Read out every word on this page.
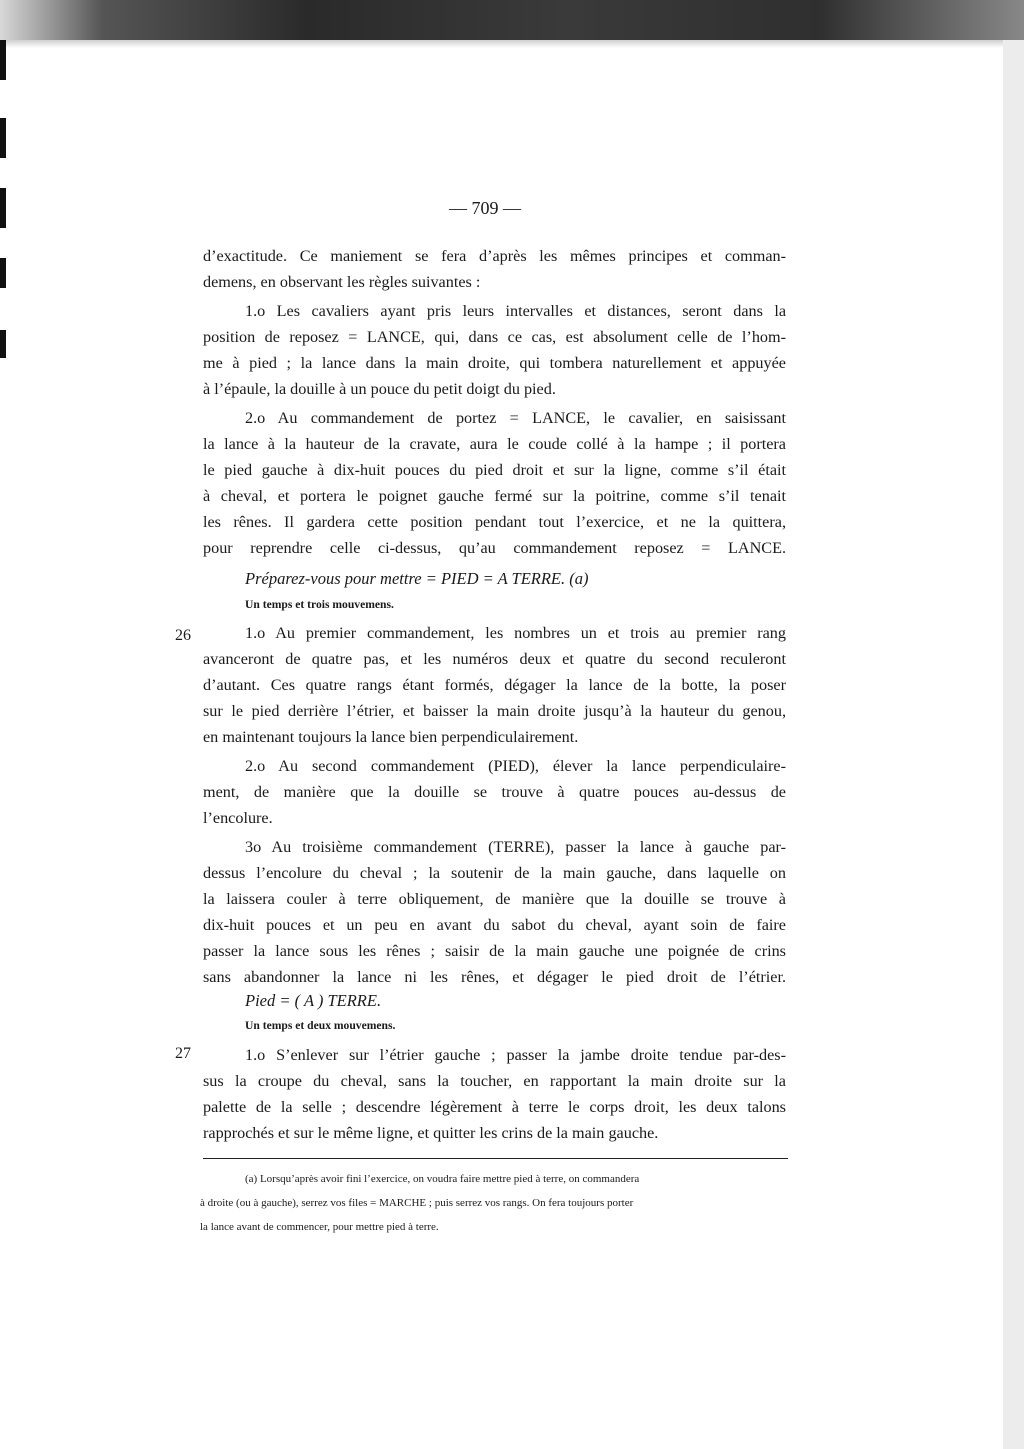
— 709 —
d’exactitude. Ce maniement se fera d’après les mêmes principes et comman-
demens, en observant les règles suivantes :
1.o Les cavaliers ayant pris leurs intervalles et distances, seront dans la
position de reposez = LANCE, qui, dans ce cas, est absolument celle de l’hom-
me à pied ; la lance dans la main droite, qui tombera naturellement et appuyée
à l’épaule, la douille à un pouce du petit doigt du pied.
2.o Au commandement de portez = LANCE, le cavalier, en saisissant
la lance à la hauteur de la cravate, aura le coude collé à la hampe ; il portera
le pied gauche à dix-huit pouces du pied droit et sur la ligne, comme s’il était
à cheval, et portera le poignet gauche fermé sur la poitrine, comme s’il tenait
les rênes. Il gardera cette position pendant tout l’exercice, et ne la quittera,
pour reprendre celle ci-dessus, qu’au commandement reposez = LANCE.
Préparez-vous pour mettre = PIED = A TERRE. (a)
Un temps et trois mouvemens.
1.o Au premier commandement, les nombres un et trois au premier rang
avanceront de quatre pas, et les numéros deux et quatre du second reculeront
d’autant. Ces quatre rangs étant formés, dégager la lance de la botte, la poser
sur le pied derrière l’étrier, et baisser la main droite jusqu’à la hauteur du genou,
en maintenant toujours la lance bien perpendiculairement.
2.o Au second commandement (PIED), élever la lance perpendiculaire-
ment, de manière que la douille se trouve à quatre pouces au-dessus de
l’encolure.
3o Au troisième commandement (TERRE), passer la lance à gauche par-
dessus l’encolure du cheval ; la soutenir de la main gauche, dans laquelle on
la laissera couler à terre obliquement, de manière que la douille se trouve à
dix-huit pouces et un peu en avant du sabot du cheval, ayant soin de faire
passer la lance sous les rênes ; saisir de la main gauche une poignée de crins
sans abandonner la lance ni les rênes, et dégager le pied droit de l’étrier.
Pied = ( A ) TERRE.
Un temps et deux mouvemens.
1.o S’enlever sur l’étrier gauche ; passer la jambe droite tendue par-des-
sus la croupe du cheval, sans la toucher, en rapportant la main droite sur la
palette de la selle ; descendre légèrement à terre le corps droit, les deux talons
rapprochés et sur le même ligne, et quitter les crins de la main gauche.
26
27
(a) Lorsqu’après avoir fini l’exercice, on voudra faire mettre pied à terre, on commandera
à droite (ou à gauche), serrez vos files = MARCHE ; puis serrez vos rangs. On fera toujours porter
la lance avant de commencer, pour mettre pied à terre.
